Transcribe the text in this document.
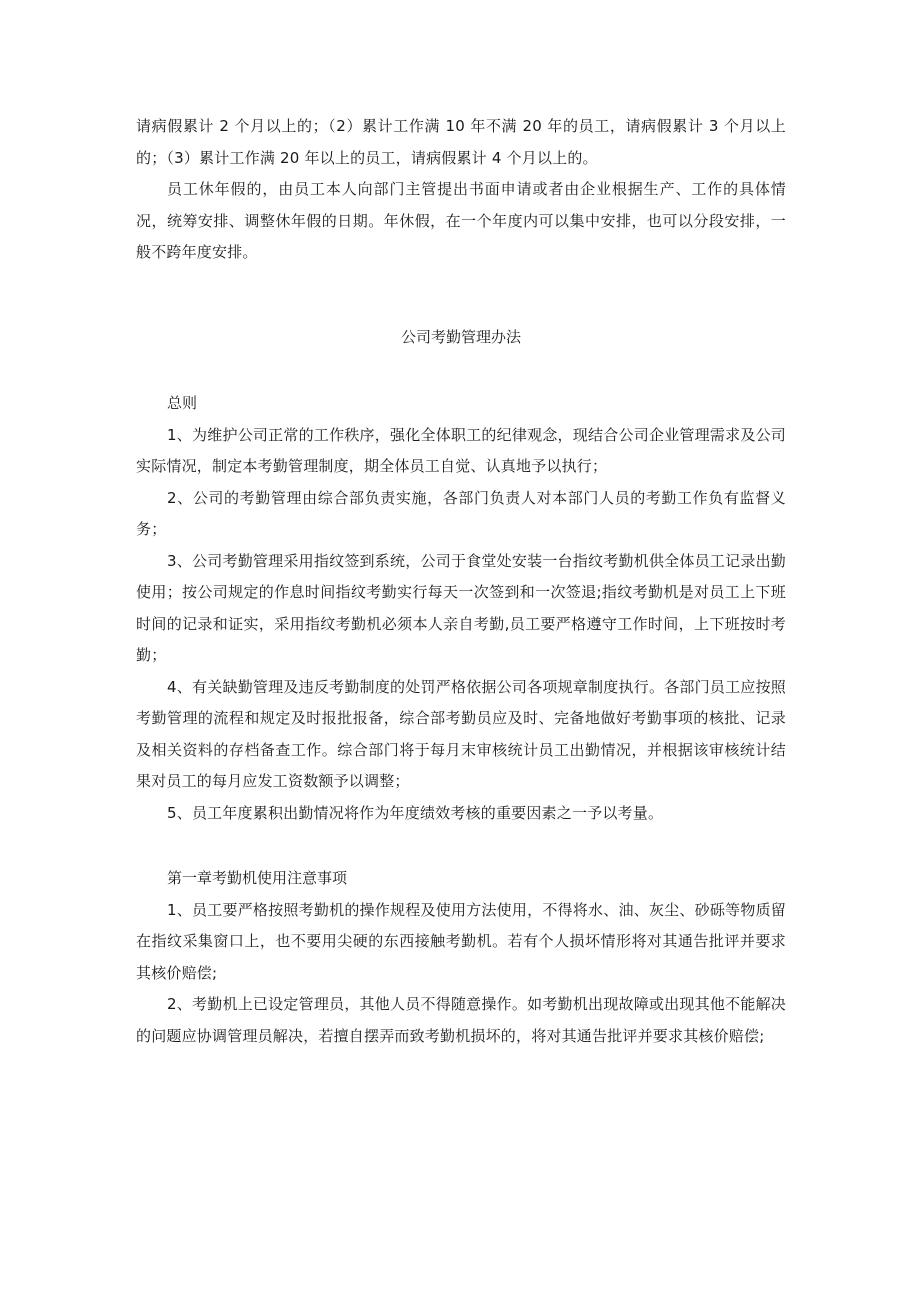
请病假累计 2 个月以上的；（2）累计工作满 10 年不满 20 年的员工，请病假累计 3 个月以上的；（3）累计工作满 20 年以上的员工，请病假累计 4 个月以上的。

员工休年假的，由员工本人向部门主管提出书面申请或者由企业根据生产、工作的具体情况，统筹安排、调整休年假的日期。年休假，在一个年度内可以集中安排，也可以分段安排，一般不跨年度安排。

公司考勤管理办法

总则

1、为维护公司正常的工作秩序，强化全体职工的纪律观念，现结合公司企业管理需求及公司实际情况，制定本考勤管理制度，期全体员工自觉、认真地予以执行；

2、公司的考勤管理由综合部负责实施，各部门负责人对本部门人员的考勤工作负有监督义务；

3、公司考勤管理采用指纹签到系统，公司于食堂处安装一台指纹考勤机供全体员工记录出勤使用；按公司规定的作息时间指纹考勤实行每天一次签到和一次签退;指纹考勤机是对员工上下班时间的记录和证实，采用指纹考勤机必须本人亲自考勤,员工要严格遵守工作时间，上下班按时考勤；

4、有关缺勤管理及违反考勤制度的处罚严格依据公司各项规章制度执行。各部门员工应按照考勤管理的流程和规定及时报批报备，综合部考勤员应及时、完备地做好考勤事项的核批、记录及相关资料的存档备查工作。综合部门将于每月末审核统计员工出勤情况，并根据该审核统计结果对员工的每月应发工资数额予以调整；

5、员工年度累积出勤情况将作为年度绩效考核的重要因素之一予以考量。

第一章考勤机使用注意事项

1、员工要严格按照考勤机的操作规程及使用方法使用，不得将水、油、灰尘、砂砾等物质留在指纹采集窗口上，也不要用尖硬的东西接触考勤机。若有个人损坏情形将对其通告批评并要求其核价赔偿;

2、考勤机上已设定管理员，其他人员不得随意操作。如考勤机出现故障或出现其他不能解决的问题应协调管理员解决，若擅自摆弄而致考勤机损坏的，将对其通告批评并要求其核价赔偿;
